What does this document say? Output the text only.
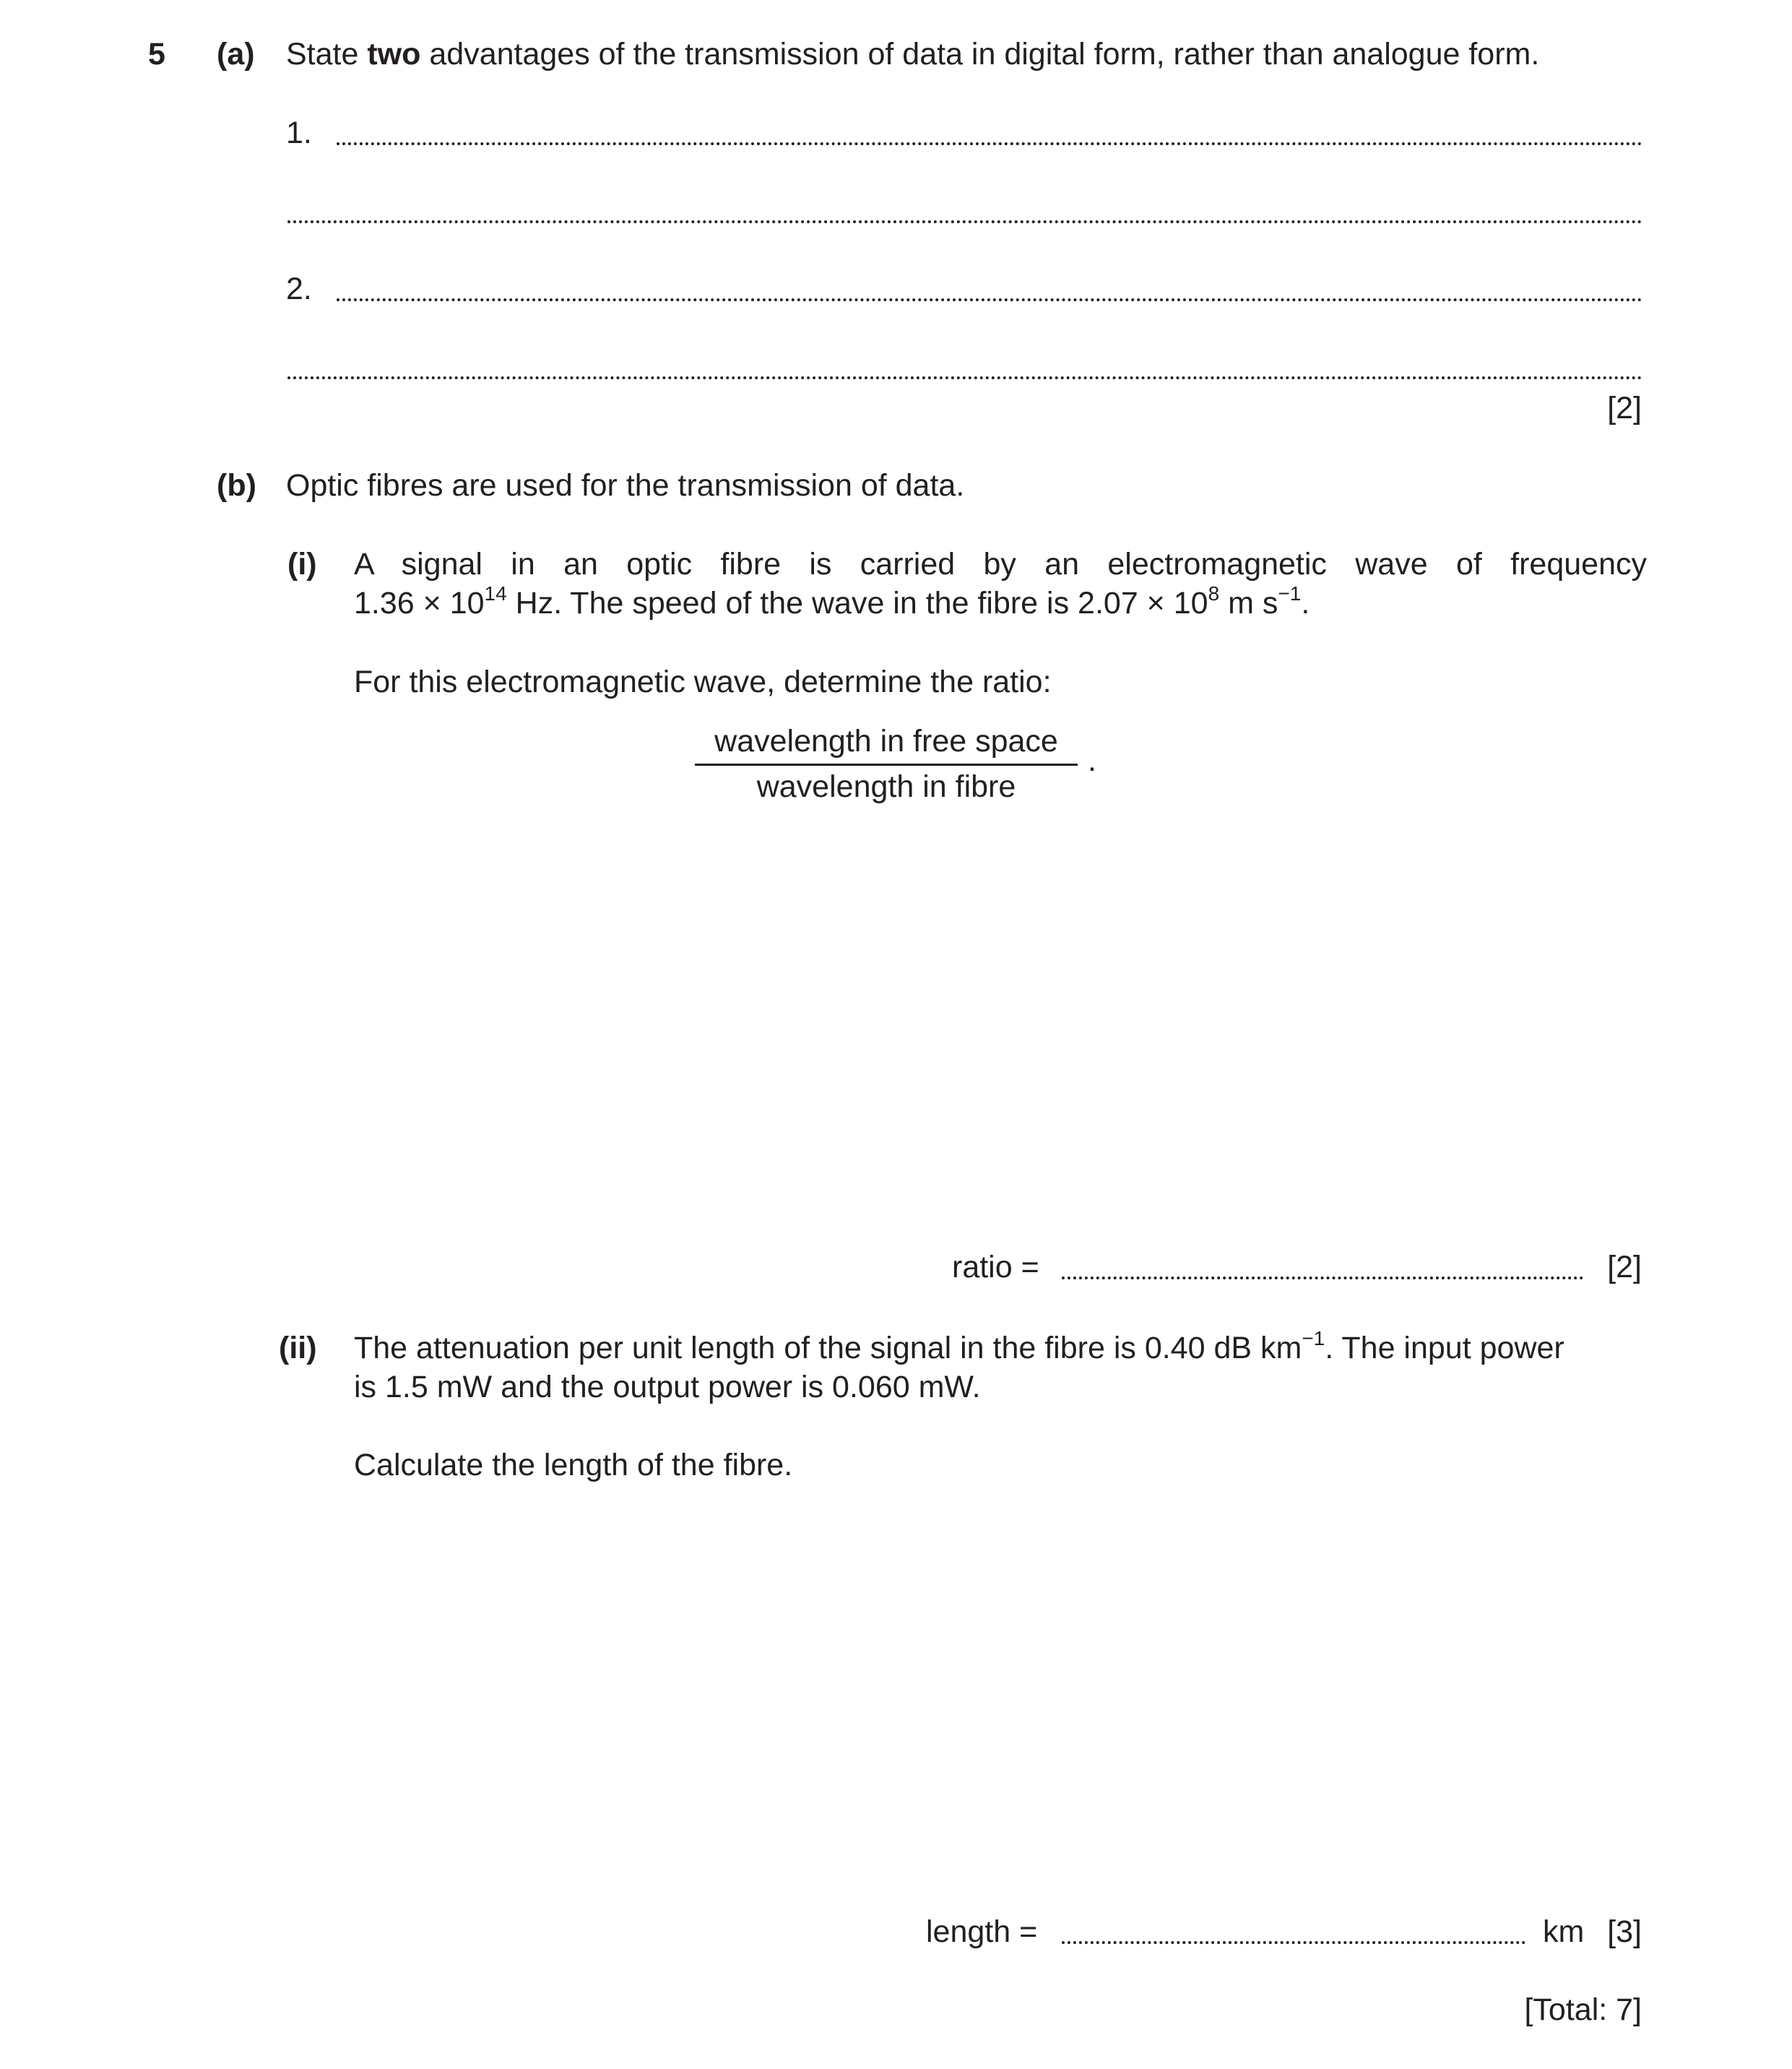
5 (a) State two advantages of the transmission of data in digital form, rather than analogue form.
1.
2.
[2]
(b) Optic fibres are used for the transmission of data.
(i) A signal in an optic fibre is carried by an electromagnetic wave of frequency
$1.36 \times 10^{14}$ Hz. The speed of the wave in the fibre is $2.07 \times 10^8$ m $s^{-1}$.
For this electromagnetic wave, determine the ratio:
wavelength in free space
wavelength in fibre
.
ratio =	[2]
(ii) The attenuation per unit length of the signal in the fibre is 0.40 dB $km^{-1}$. The input power
is 1.5 mW and the output power is 0.060 mW.
Calculate the length of the fibre.
length =	km [3]
[Total: 7]
